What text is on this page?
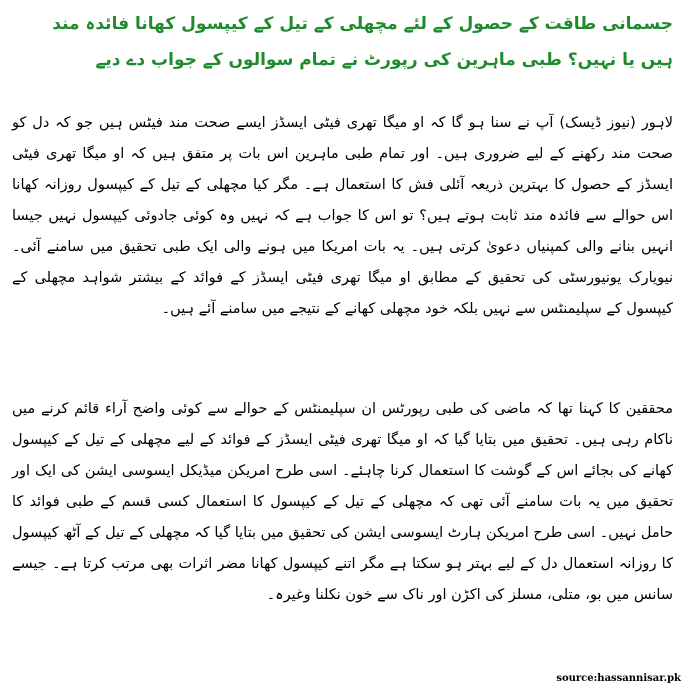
جسمانی طاقت کے حصول کے لئے مچھلی کے تیل کے کیپسول کھانا فائدہ مند ہیں یا نہیں؟ طبی ماہرین کی رپورٹ نے تمام سوالوں کے جواب دے دیے
لاہور (نیوز ڈیسک) آپ نے سنا ہو گا کہ او میگا تھری فیٹی ایسڈز ایسے صحت مند فیٹس ہیں جو کہ دل کو صحت مند رکھنے کے لیے ضروری ہیں۔ اور تمام طبی ماہرین اس بات پر متفق ہیں کہ او میگا تھری فیٹی ایسڈز کے حصول کا بہترین ذریعہ آئلی فش کا استعمال ہے۔ مگر کیا مچھلی کے تیل کے کیپسول روزانہ کھانا اس حوالے سے فائدہ مند ثابت ہوتے ہیں؟ تو اس کا جواب ہے کہ نہیں وہ کوئی جادوئی کیپسول نہیں جیسا انہیں بنانے والی کمپنیاں دعویٰ کرتی ہیں۔ یہ بات امریکا میں ہونے والی ایک طبی تحقیق میں سامنے آئی۔ نیویارک یونیورسٹی کی تحقیق کے مطابق او میگا تھری فیٹی ایسڈز کے فوائد کے بیشتر شواہد مچھلی کے کیپسول کے سپلیمنٹس سے نہیں بلکہ خود مچھلی کھانے کے نتیجے میں سامنے آئے ہیں۔
محققین کا کہنا تھا کہ ماضی کی طبی رپورٹس ان سپلیمنٹس کے حوالے سے کوئی واضح آراء قائم کرنے میں ناکام رہی ہیں۔ تحقیق میں بتایا گیا کہ او میگا تھری فیٹی ایسڈز کے فوائد کے لیے مچھلی کے تیل کے کیپسول کھانے کی بجائے اس کے گوشت کا استعمال کرنا چاہئے۔ اسی طرح امریکن میڈیکل ایسوسی ایشن کی ایک اور تحقیق میں یہ بات سامنے آئی تھی کہ مچھلی کے تیل کے کیپسول کا استعمال کسی قسم کے طبی فوائد کا حامل نہیں۔ اسی طرح امریکن ہارٹ ایسوسی ایشن کی تحقیق میں بتایا گیا کہ مچھلی کے تیل کے آٹھ کیپسول کا روزانہ استعمال دل کے لیے بہتر ہو سکتا ہے مگر اتنے کیپسول کھانا مضر اثرات بھی مرتب کرتا ہے۔ جیسے سانس میں بو، متلی، مسلز کی اکڑن اور ناک سے خون نکلنا وغیرہ۔
source:hassannisar.pk
